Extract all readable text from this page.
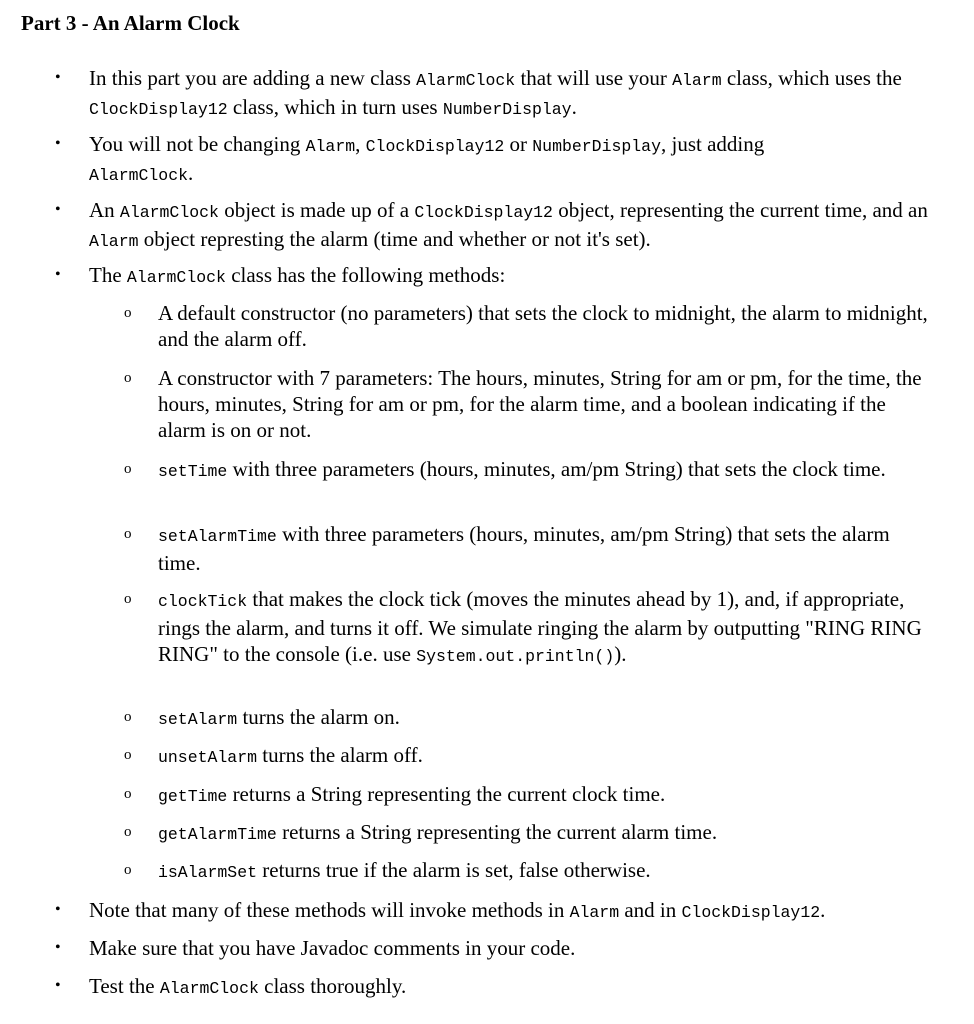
Part 3 - An Alarm Clock
• In this part you are adding a new class AlarmClock that will use your Alarm class, which uses the ClockDisplay12 class, which in turn uses NumberDisplay.
• You will not be changing Alarm, ClockDisplay12 or NumberDisplay, just adding AlarmClock.
• An AlarmClock object is made up of a ClockDisplay12 object, representing the current time, and an Alarm object represting the alarm (time and whether or not it's set).
• The AlarmClock class has the following methods:
o A default constructor (no parameters) that sets the clock to midnight, the alarm to midnight, and the alarm off.
o A constructor with 7 parameters: The hours, minutes, String for am or pm, for the time, the hours, minutes, String for am or pm, for the alarm time, and a boolean indicating if the alarm is on or not.
o setTime with three parameters (hours, minutes, am/pm String) that sets the clock time.
o setAlarmTime with three parameters (hours, minutes, am/pm String) that sets the alarm time.
o clockTick that makes the clock tick (moves the minutes ahead by 1), and, if appropriate, rings the alarm, and turns it off. We simulate ringing the alarm by outputting "RING RING RING" to the console (i.e. use System.out.println()).
o setAlarm turns the alarm on.
o unsetAlarm turns the alarm off.
o getTime returns a String representing the current clock time.
o getAlarmTime returns a String representing the current alarm time.
o isAlarmSet returns true if the alarm is set, false otherwise.
• Note that many of these methods will invoke methods in Alarm and in ClockDisplay12.
• Make sure that you have Javadoc comments in your code.
• Test the AlarmClock class thoroughly.
